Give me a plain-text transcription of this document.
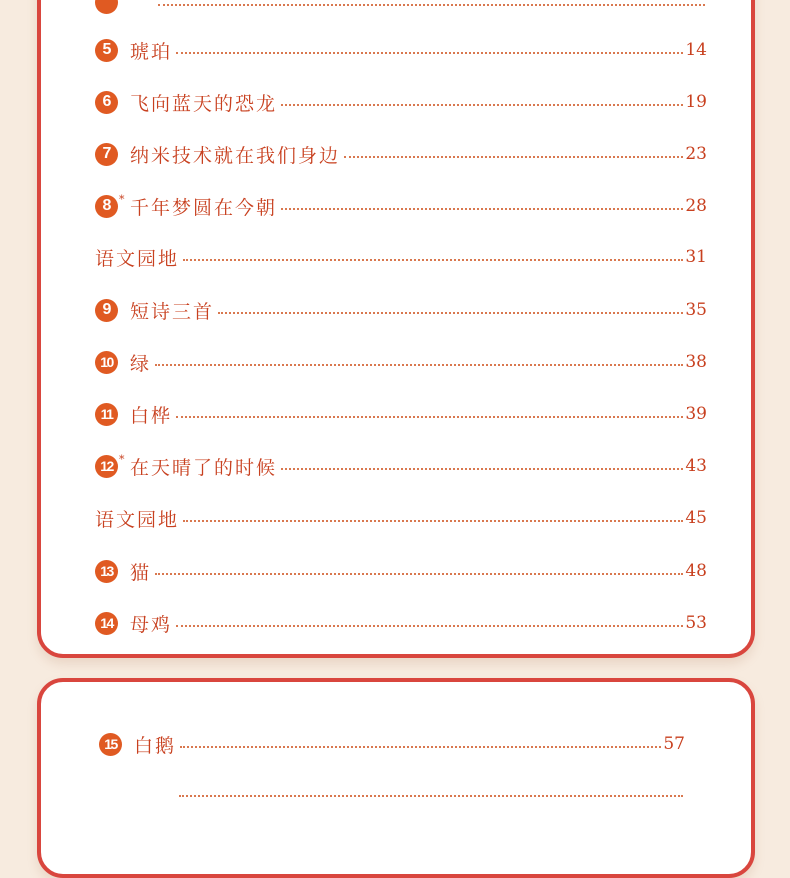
5	琥珀	14
6	飞向蓝天的恐龙	19
7	纳米技术就在我们身边	23
8 * 千年梦圆在今朝	28
语文园地	31
9	短诗三首	35
10 绿	38
11 白桦	39
12 * 在天晴了的时候	43
语文园地	45
13 猫	48
14 母鸡	53
15 白鹅	57
